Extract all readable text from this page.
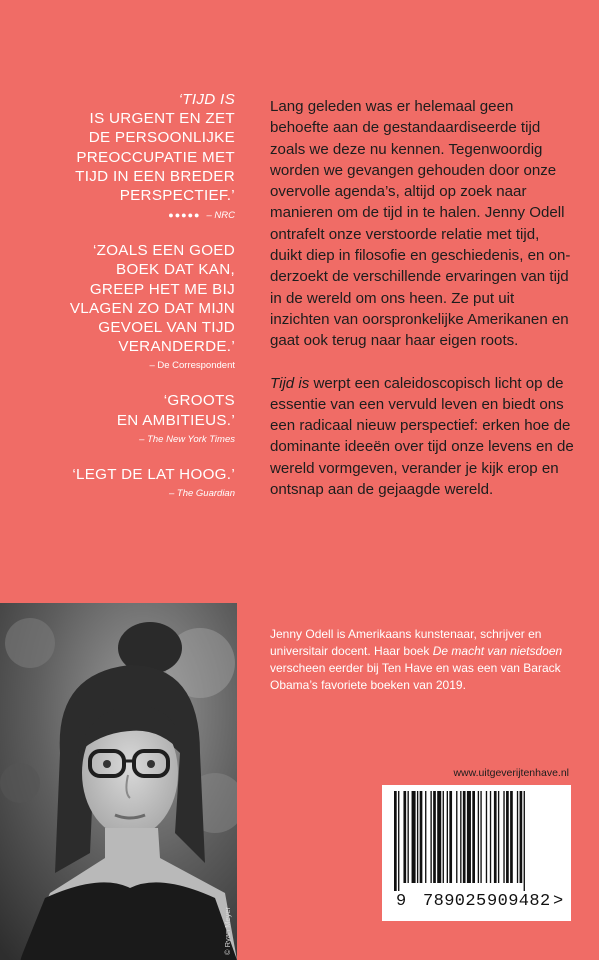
‘TIJD IS
IS URGENT EN ZET
DE PERSOONLIJKE
PREOCCUPATIE MET
TIJD IN EEN BREDER
PERSPECTIEF.’
●●●●● – NRC
‘ZOALS EEN GOED
BOEK DAT KAN,
GREEP HET ME BIJ
VLAGEN ZO DAT MIJN
GEVOEL VAN TIJD
VERANDERDE.’
– De Correspondent
‘GROOTS
EN AMBITIEUS.’
– The New York Times
‘LEGT DE LAT HOOG.’
– The Guardian

Lang geleden was er helemaal geen behoefte aan de gestandaardiseerde tijd zoals we deze nu kennen. Tegenwoordig worden we gevangen gehouden door onze overvolle agenda’s, altijd op zoek naar manieren om de tijd in te halen. Jenny Odell ontrafelt onze verstoorde relatie met tijd, duikt diep in filosofie en geschiedenis, en onderzoekt de verschillende ervaringen van tijd in de wereld om ons heen. Ze put uit inzichten van oorspronkelijke Amerikanen en gaat ook terug naar haar eigen roots.

Tijd is werpt een caleidoscopisch licht op de essentie van een vervuld leven en biedt ons een radicaal nieuw perspectief: erken hoe de dominante ideeën over tijd onze levens en de wereld vormgeven, verander je kijk erop en ontsnap aan de gejaagde wereld.

Jenny Odell is Amerikaans kunstenaar, schrijver en universitair docent. Haar boek De macht van nietsdoen verscheen eerder bij Ten Have en was een van Barack Obama’s favoriete boeken van 2019.
www.uitgeverijtenhave.nl
9 789025 909482 >
© Ryan Meyer
